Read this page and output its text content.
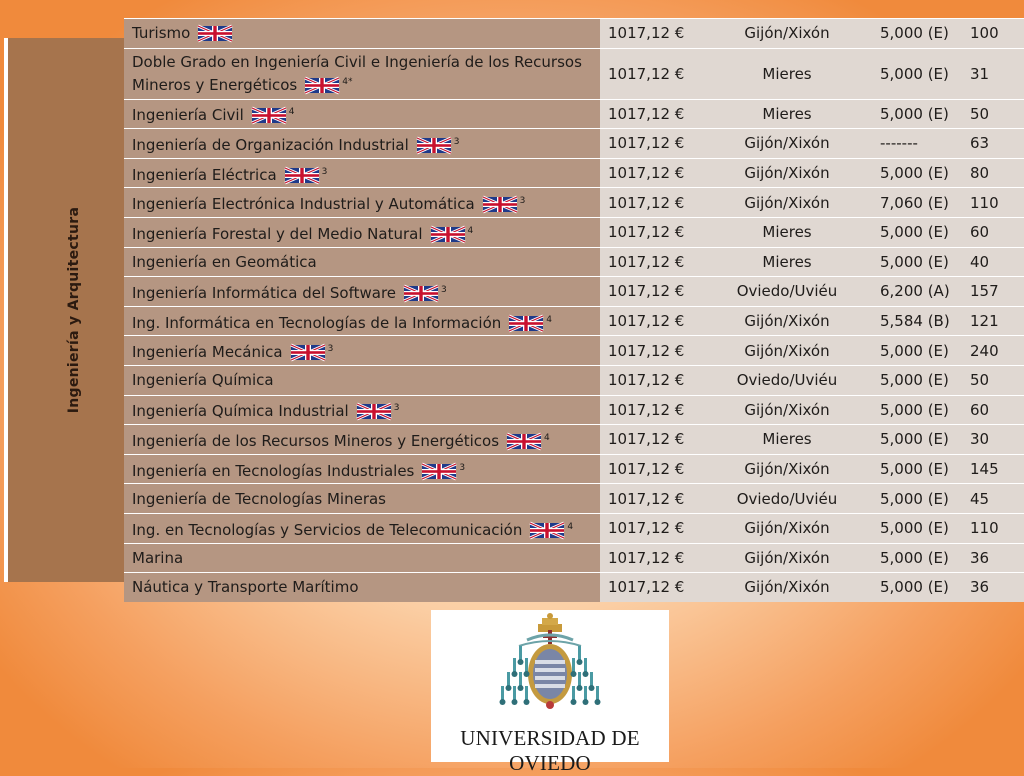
Ingeniería y Arquitectura
Turismo	1017,12 €	Gijón/Xixón	5,000 (E)	100
Doble Grado en Ingeniería Civil e Ingeniería de los Recursos Mineros y Energéticos	$^{4*}$	1017,12 €	Mieres	5,000 (E)	31
Ingeniería Civil	$^4$	1017,12 €	Mieres	5,000 (E)	50
Ingeniería de Organización Industrial	$^3$	1017,12 €	Gijón/Xixón	-------	63
Ingeniería Eléctrica	$^3$	1017,12 €	Gijón/Xixón	5,000 (E)	80
Ingeniería Electrónica Industrial y Automática	$^3$	1017,12 €	Gijón/Xixón	7,060 (E)	110
Ingeniería Forestal y del Medio Natural	$^4$	1017,12 €	Mieres	5,000 (E)	60
Ingeniería en Geomática	1017,12 €	Mieres	5,000 (E)	40
Ingeniería Informática del Software	$^3$	1017,12 €	Oviedo/Uviéu	6,200 (A)	157
Ing. Informática en Tecnologías de la Información	$^4$	1017,12 €	Gijón/Xixón	5,584 (B)	121
Ingeniería Mecánica	$^3$	1017,12 €	Gijón/Xixón	5,000 (E)	240
Ingeniería Química	1017,12 €	Oviedo/Uviéu	5,000 (E)	50
Ingeniería Química Industrial	$^3$	1017,12 €	Gijón/Xixón	5,000 (E)	60
Ingeniería de los Recursos Mineros y Energéticos	$^4$	1017,12 €	Mieres	5,000 (E)	30
Ingeniería en Tecnologías Industriales	$^3$	1017,12 €	Gijón/Xixón	5,000 (E)	145
Ingeniería de Tecnologías Mineras	1017,12 €	Oviedo/Uviéu	5,000 (E)	45
Ing. en Tecnologías y Servicios de Telecomunicación	$^4$	1017,12 €	Gijón/Xixón	5,000 (E)	110
Marina	1017,12 €	Gijón/Xixón	5,000 (E)	36
Náutica y Transporte Marítimo	1017,12 €	Gijón/Xixón	5,000 (E)	36
UNIVERSIDAD DE OVIEDO
